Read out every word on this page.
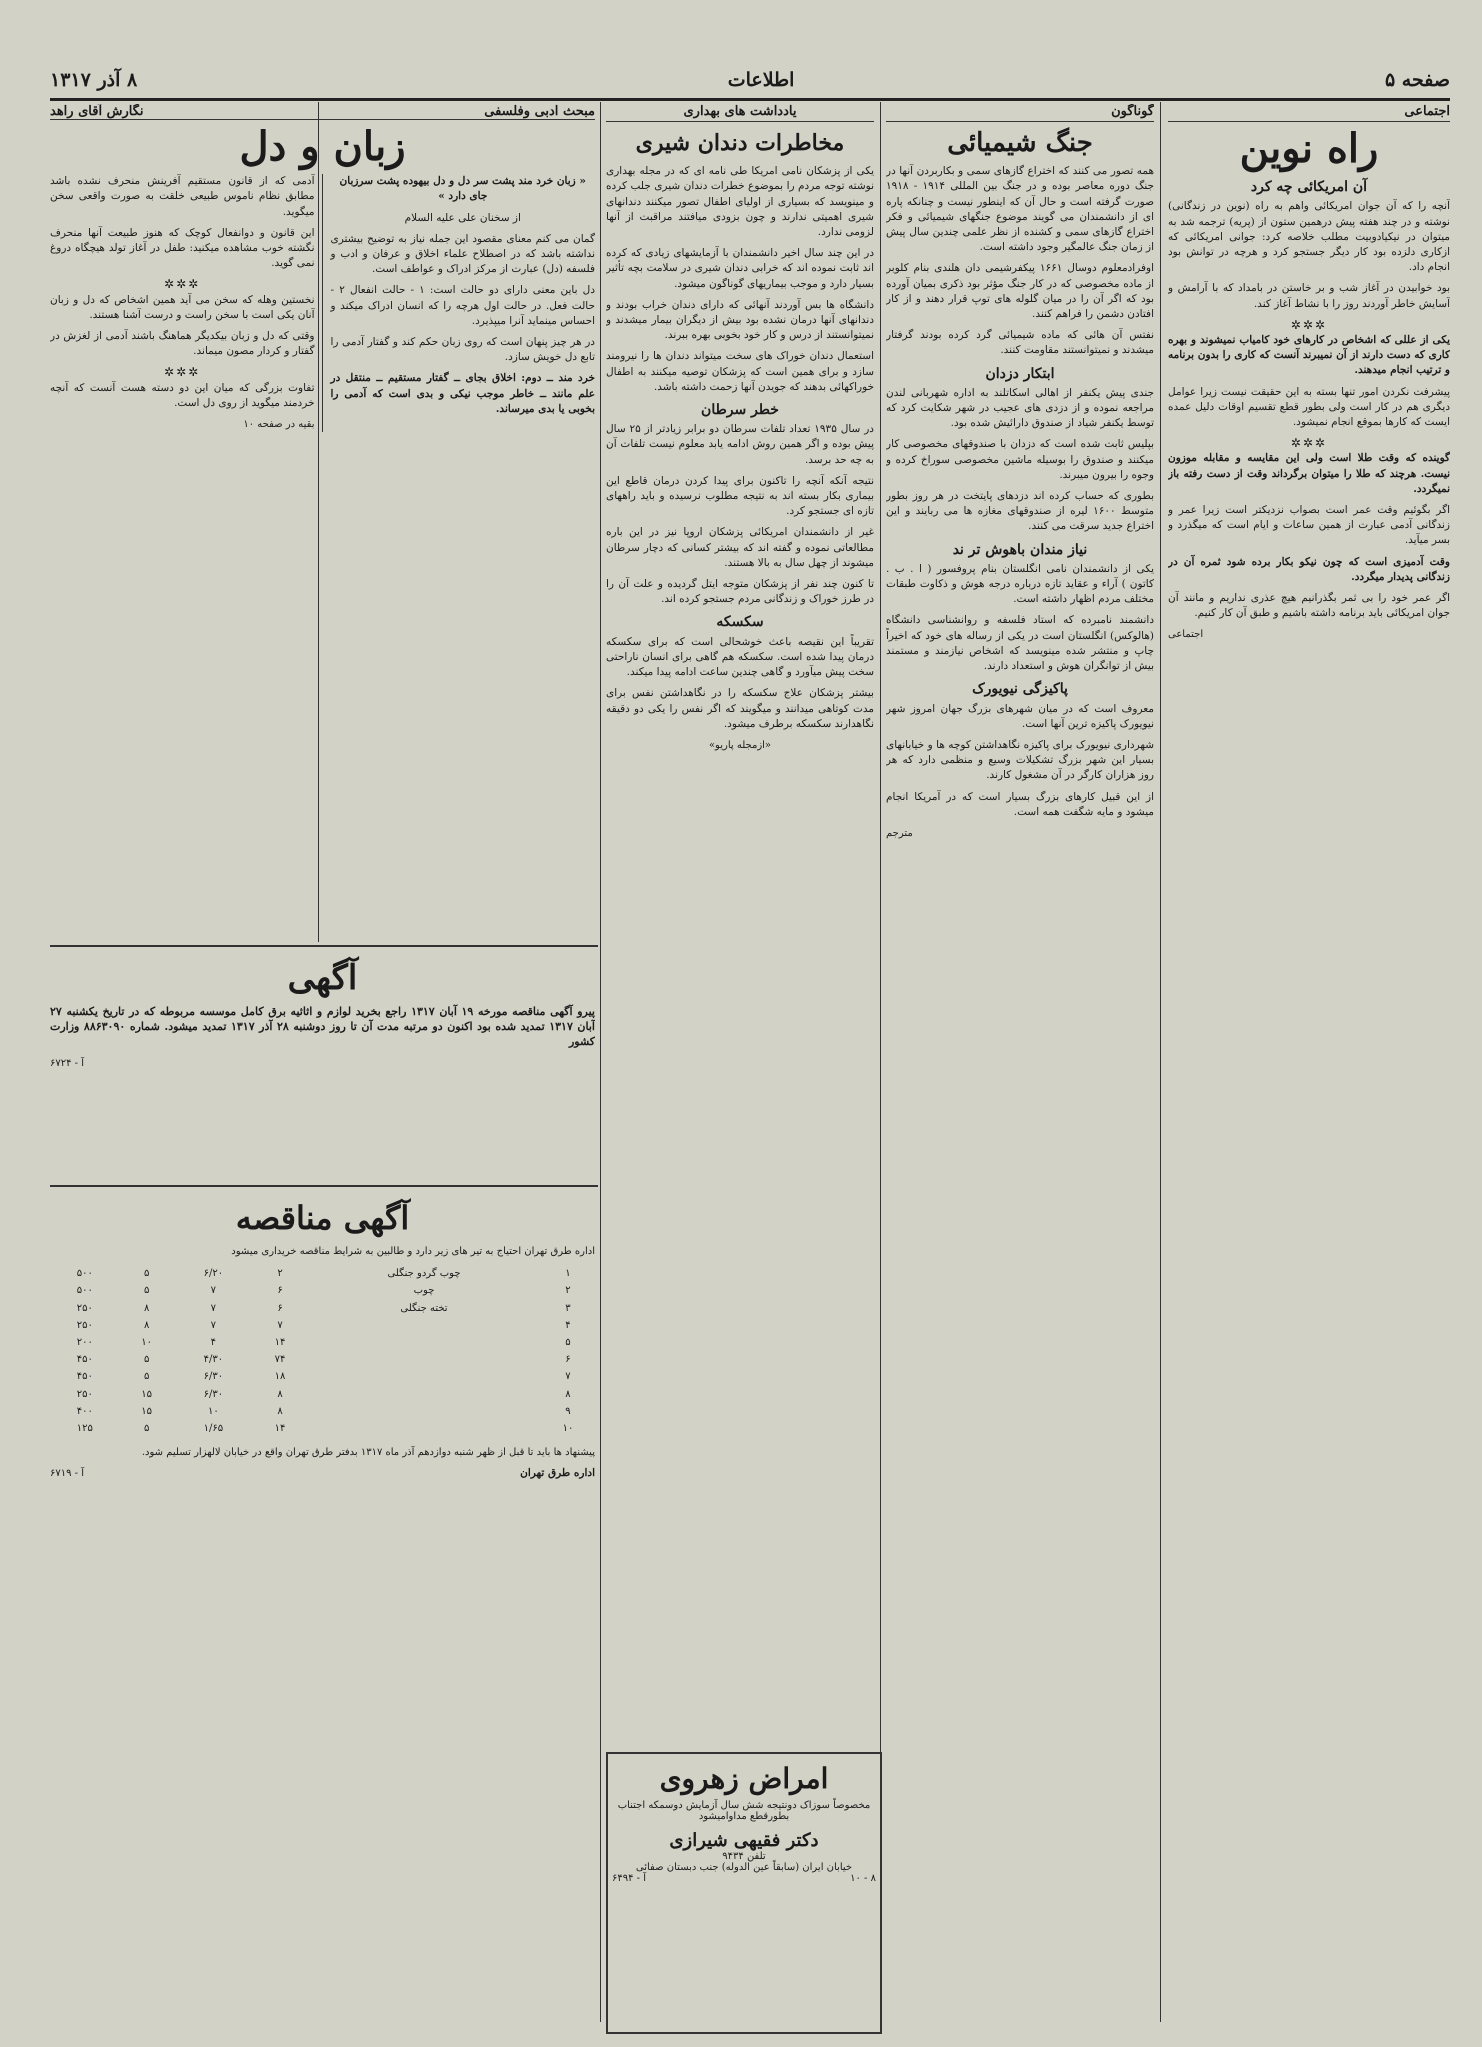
صفحه ۵
اطلاعات
۸ آذر ۱۳۱۷
اجتماعی
راه نوین
آن امریکائی چه کرد

آنچه را که آن جوان امریکائی واهم به راه (نوین در زندگانی) نوشته و در چند هفته پیش درهمین ستون از (پریه) ترجمه شد به میتوان در نیکیادوبیت مطلب خلاصه کرد: جوانی امریکائی که ازکاری دلزده بود کار دیگر جستجو کرد و هرچه در توانش بود انجام داد.

بود خوابیدن در آغاز شب و بر خاستن در بامداد که با آرامش و آسایش خاطر آوردند روز را با نشاط آغاز کند.

✲✲✲

یکی از عللی که اشخاص در کارهای خود کامیاب نمیشوند و بهره کاری که دست دارند از آن نمیبرند آنست که کاری را بدون برنامه و ترتیب انجام میدهند.

پیشرفت نکردن امور تنها بسته به این حقیقت نیست زیرا عوامل دیگری هم در کار است ولی بطور قطع تقسیم اوقات دلیل عمده ایست که کارها بموقع انجام نمیشود.

✲✲✲

گوینده که وقت طلا است ولی این مقایسه و مقابله موزون نیست. هرچند که طلا را میتوان برگرداند وقت از دست رفته باز نمیگردد.

اگر بگوئیم وقت عمر است بصواب نزدیکتر است زیرا عمر و زندگانی آدمی عبارت از همین ساعات و ایام است که میگذرد و بسر میآید.

وقت آدمیزی است که چون نیکو بکار برده شود ثمره آن در زندگانی پدیدار میگردد.

اگر عمر خود را بی ثمر بگذرانیم هیچ عذری نداریم و مانند آن جوان امریکائی باید برنامه داشته باشیم و طبق آن کار کنیم.

اجتماعی
گوناگون
جنگ شیمیائی

همه تصور می کنند که اختراع گازهای سمی و بکاربردن آنها در جنگ دوره معاصر بوده و در جنگ بین المللی ۱۹۱۴ - ۱۹۱۸ صورت گرفته است و حال آن که اینطور نیست و چنانکه پاره ای از دانشمندان می گویند موضوع جنگهای شیمیائی و فکر اختراع گازهای سمی و کشنده از نظر علمی چندین سال پیش از زمان جنگ عالمگیر وجود داشته است.

اوفرادمعلوم دوسال ۱۶۶۱ پیکفرشیمی دان هلندی بنام کلوبر از ماده مخصوصی که در کار جنگ مؤثر بود ذکری بمیان آورده بود که اگر آن را در میان گلوله های توپ قرار دهند و از کار افتادن دشمن را فراهم کنند.

نفتس آن هائی که ماده شیمیائی گرد کرده بودند گرفتار میشدند و نمیتوانستند مقاومت کنند.

ابتکار دزدان

جندی پیش یکنفر از اهالی اسکاتلند به اداره شهربانی لندن مراجعه نموده و از دزدی های عجیب در شهر شکایت کرد که توسط یکنفر شیاد از صندوق دارائیش شده بود.

بپلیس ثابت شده است که دزدان با صندوقهای مخصوصی کار میکنند و صندوق را بوسیله ماشین مخصوصی سوراخ کرده و وجوه را بیرون میبرند.

بطوری که حساب کرده اند دزدهای پایتخت در هر روز بطور متوسط ۱۶۰۰ لیره از صندوقهای مغازه ها می ربایند و این اختراع جدید سرقت می کنند.

نیاز مندان باهوش تر ند

یکی از دانشمندان نامی انگلستان بنام پروفسور ( ا . ب . کاتون ) آراء و عقاید تازه درباره درجه هوش و ذکاوت طبقات مختلف مردم اظهار داشته است.

دانشمند نامبرده که استاد فلسفه و روانشناسی دانشگاه (هالوکس) انگلستان است در یکی از رساله های خود که اخیراً چاپ و منتشر شده مینویسد که اشخاص نیازمند و مستمند بیش از توانگران هوش و استعداد دارند.

پاکیزگی نیویورک

معروف است که در میان شهرهای بزرگ جهان امروز شهر نیویورک پاکیزه ترین آنها است.

شهرداری نیویورک برای پاکیزه نگاهداشتن کوچه ها و خیابانهای بسیار این شهر بزرگ تشکیلات وسیع و منظمی دارد که هر روز هزاران کارگر در آن مشغول کارند.

از این قبیل کارهای بزرگ بسیار است که در آمریکا انجام میشود و مایه شگفت همه است.

مترجم
یادداشت های بهداری
مخاطرات دندان شیری

یکی از پزشکان نامی امریکا طی نامه ای که در مجله بهداری نوشته توجه مردم را بموضوع خطرات دندان شیری جلب کرده و مینویسد که بسیاری از اولیای اطفال تصور میکنند دندانهای شیری اهمیتی ندارند و چون بزودی میافتند مراقبت از آنها لزومی ندارد.

در این چند سال اخیر دانشمندان با آزمایشهای زیادی که کرده اند ثابت نموده اند که خرابی دندان شیری در سلامت بچه تأثیر بسیار دارد و موجب بیماریهای گوناگون میشود.

دانشگاه ها بس آوردند آنهائی که دارای دندان خراب بودند و دندانهای آنها درمان نشده بود بیش از دیگران بیمار میشدند و نمیتوانستند از درس و کار خود بخوبی بهره ببرند.

استعمال دندان خوراک های سخت میتواند دندان ها را نیرومند سازد و برای همین است که پزشکان توصیه میکنند به اطفال خوراکهائی بدهند که جویدن آنها زحمت داشته باشد.

خطر سرطان

در سال ۱۹۳۵ تعداد تلفات سرطان دو برابر زیادتر از ۲۵ سال پیش بوده و اگر همین روش ادامه یابد معلوم نیست تلفات آن به چه حد برسد.

نتیجه آنکه آنچه را تاکنون برای پیدا کردن درمان قاطع این بیماری بکار بسته اند به نتیجه مطلوب نرسیده و باید راههای تازه ای جستجو کرد.

غیر از دانشمندان امریکائی پزشکان اروپا نیز در این باره مطالعاتی نموده و گفته اند که بیشتر کسانی که دچار سرطان میشوند از چهل سال به بالا هستند.

تا کنون چند نفر از پزشکان متوجه ایتل گردیده و علت آن را در طرز خوراک و زندگانی مردم جستجو کرده اند.

سکسکه

تقریباً این نقیصه باعث خوشحالی است که برای سکسکه درمان پیدا شده است. سکسکه هم گاهی برای انسان ناراحتی سخت پیش میآورد و گاهی چندین ساعت ادامه پیدا میکند.

بیشتر پزشکان علاج سکسکه را در نگاهداشتن نفس برای مدت کوتاهی میدانند و میگویند که اگر نفس را یکی دو دقیقه نگاهدارند سکسکه برطرف میشود.

«ازمجله پاریو»
مبحث ادبی وفلسفی
نگارش آقای راهد
زبان و دل

« زبان خرد مند پشت سر دل و دل بیهوده پشت سرزبان جای دارد »

از سخنان علی علیه السلام

گمان می کنم معنای مقصود این جمله نیاز به توضیح بیشتری نداشته باشد که در اصطلاح علماء اخلاق و عرفان و ادب و فلسفه (دل) عبارت از مرکز ادراک و عواطف است.

دل باین معنی دارای دو حالت است: ۱ - حالت انفعال ۲ - حالت فعل. در حالت اول هرچه را که انسان ادراک میکند و احساس مینماید آنرا میپذیرد.

در هر چیز پنهان است که روی زبان حکم کند و گفتار آدمی را تابع دل خویش سازد.

خرد مند ــ دوم: اخلاق بجای ــ گفتار مستقیم ــ منتقل در علم مانند ــ خاطر موجب نیکی و بدی است که آدمی را بخوبی یا بدی میرساند.

آدمی که از قانون مستقیم آفرینش منحرف نشده باشد مطابق نظام ناموس طبیعی خلقت به صورت واقعی سخن میگوید.

این قانون و دوانفعال کوچک که هنوز طبیعت آنها منحرف نگشته خوب مشاهده میکنید: طفل در آغاز تولد هیچگاه دروغ نمی گوید.

✲✲✲

نخستین وهله که سخن می آید همین اشخاص که دل و زبان آنان یکی است با سخن راست و درست آشنا هستند.

وقتی که دل و زبان بیکدیگر هماهنگ باشند آدمی از لغزش در گفتار و کردار مصون میماند.

✲✲✲

تفاوت بزرگی که میان این دو دسته هست آنست که آنچه خردمند میگوید از روی دل است.

بقیه در صفحه ۱۰
آگهی

پیرو آگهی مناقصه مورخه ۱۹ آبان ۱۳۱۷ راجع بخرید لوازم و اثاثیه برق کامل موسسه مربوطه که در تاریخ یکشنبه ۲۷ آبان ۱۳۱۷ تمدید شده بود اکنون دو مرتبه مدت آن تا روز دوشنبه ۲۸ آذر ۱۳۱۷ تمدید میشود. شماره ۸۸۶۳۰۹۰ وزارت کشور

آ - ۶۷۲۴
آگهی مناقصه

اداره طرق تهران احتیاج به تیر های زیر دارد و طالبین به شرایط مناقصه خریداری میشود

۱	چوب گردو جنگلی	۲	۶/۲۰	۵	۵۰۰
۲	چوب	۶	۷	۵	۵۰۰
۳	تخته جنگلی	۶	۷	۸	۲۵۰
۴		۷	۷	۸	۲۵۰
۵		۱۴	۴	۱۰	۲۰۰
۶		۷۴	۴/۳۰	۵	۴۵۰
۷		۱۸	۶/۳۰	۵	۴۵۰
۸		۸	۶/۳۰	۱۵	۲۵۰
۹		۸	۱۰	۱۵	۴۰۰
۱۰		۱۴	۱/۶۵	۵	۱۲۵

پیشنهاد ها باید تا قبل از ظهر شنبه دوازدهم آذر ماه ۱۳۱۷ بدفتر طرق تهران واقع در خیابان لالهزار تسلیم شود.

اداره طرق تهران
آ - ۶۷۱۹
امراض زهروی
مخصوصاً سوزاک دونتیجه شش سال آزمایش دوسمکه اجتناب بطورقطع مداوامیشود
دکتر فقیهی شیرازی
تلفن ۹۴۳۴
خیابان ایران (سابقاً عین الدوله) جنب دبستان صفائی
۸ - ۱۰
آ - ۶۴۹۴
